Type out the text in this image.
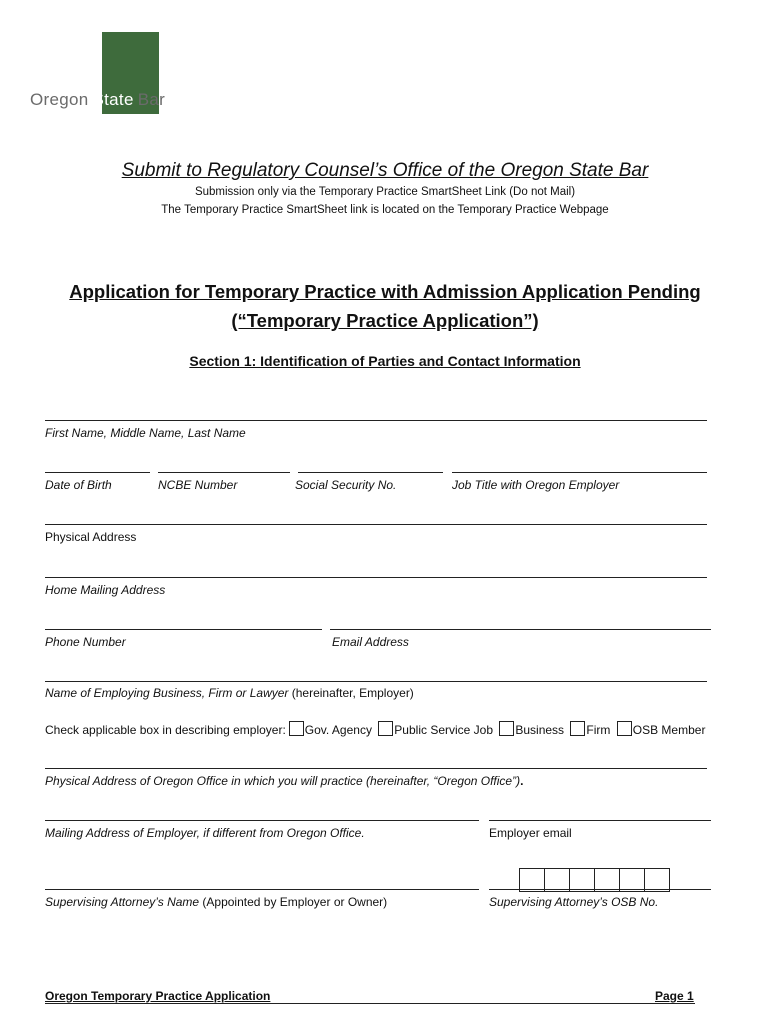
Oregon State Bar
Submit to Regulatory Counsel’s Office of the Oregon State Bar
Submission only via the Temporary Practice SmartSheet Link (Do not Mail)
The Temporary Practice SmartSheet link is located on the Temporary Practice Webpage
Application for Temporary Practice with Admission Application Pending
(“Temporary Practice Application”)
Section 1: Identification of Parties and Contact Information
First Name, Middle Name, Last Name
Date of Birth	NCBE Number	Social Security No.	Job Title with Oregon Employer
Physical Address
Home Mailing Address
Phone Number	Email Address
Name of Employing Business, Firm or Lawyer (hereinafter, Employer)
Check applicable box in describing employer: Gov. Agency Public Service Job Business Firm OSB Member
Physical Address of Oregon Office in which you will practice (hereinafter, “Oregon Office”).
Mailing Address of Employer, if different from Oregon Office.	Employer email
Supervising Attorney’s Name (Appointed by Employer or Owner)	Supervising Attorney’s OSB No.
Oregon Temporary Practice Application	Page 1
